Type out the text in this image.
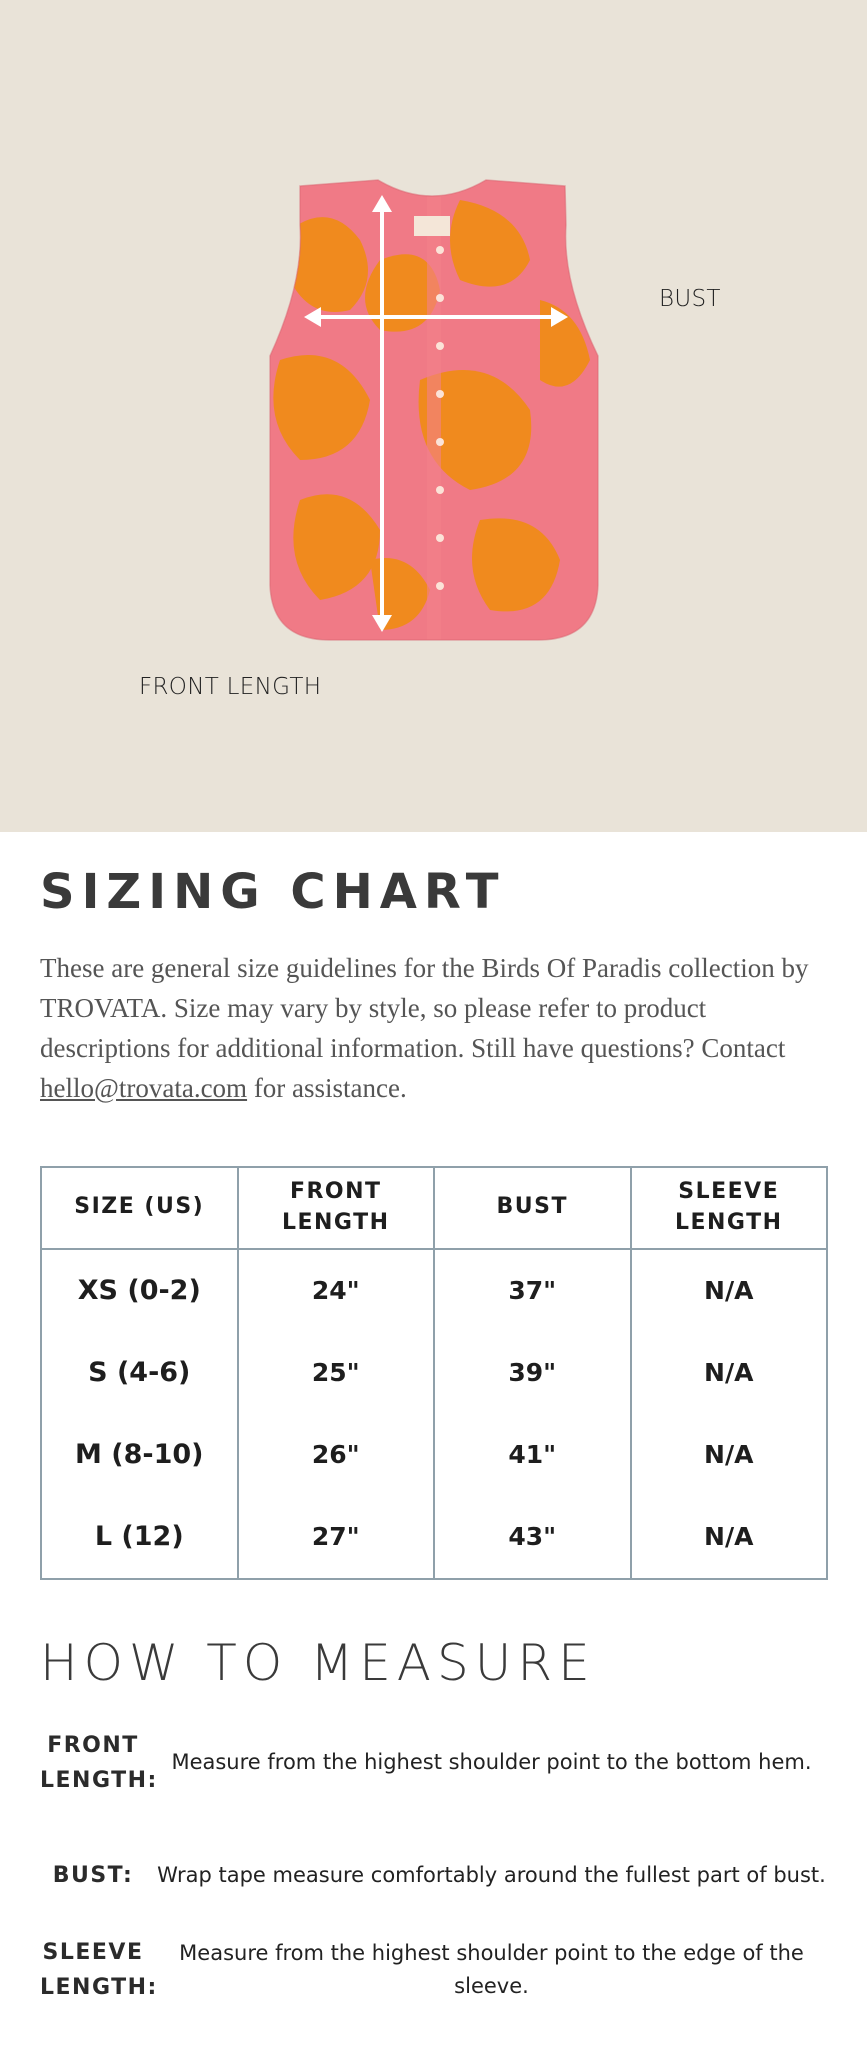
BUST
FRONT LENGTH
SIZING CHART

These are general size guidelines for the Birds Of Paradis collection by TROVATA. Size may vary by style, so please refer to product descriptions for additional information. Still have questions? Contact hello@trovata.com for assistance.

SIZE (US)	FRONT LENGTH	BUST	SLEEVE LENGTH
XS (0-2)	24"	37"	N/A
S (4-6)	25"	39"	N/A
M (8-10)	26"	41"	N/A
L (12)	27"	43"	N/A
HOW TO MEASURE
FRONT LENGTH:
Measure from the highest shoulder point to the bottom hem.
BUST:	Wrap tape measure comfortably around the fullest part of bust.
SLEEVE LENGTH:
Measure from the highest shoulder point to the edge of the sleeve.
